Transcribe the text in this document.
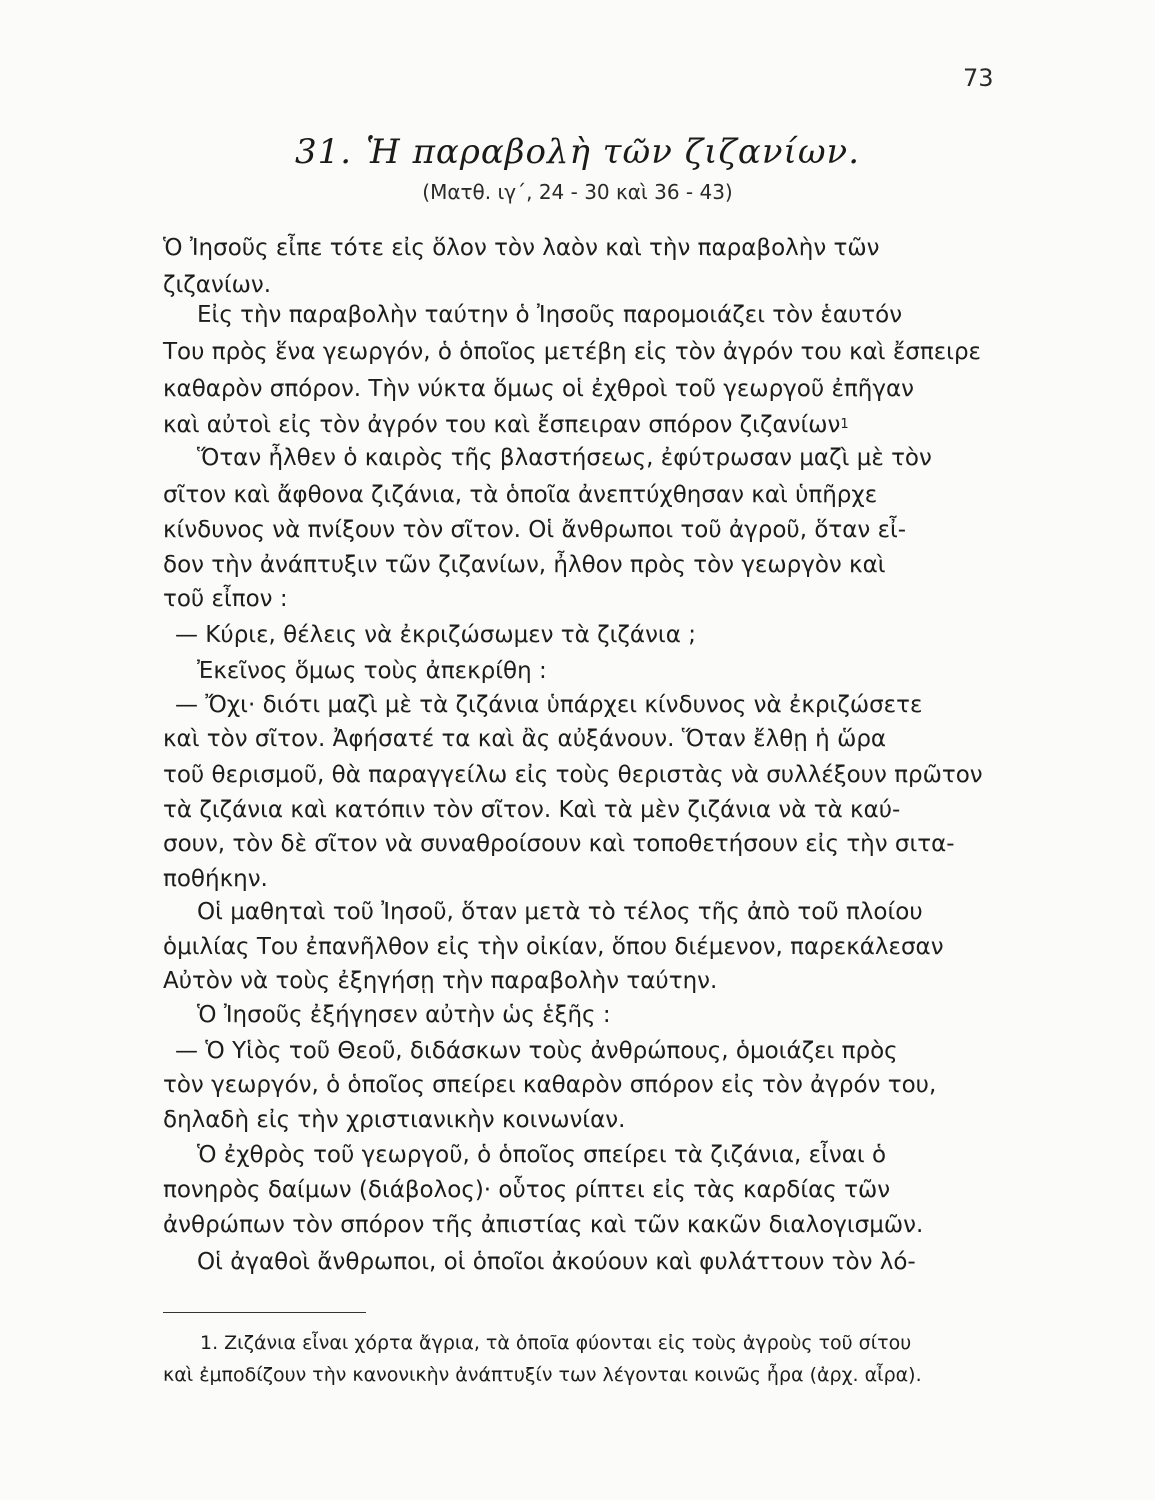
73
31. Ἡ παραβολὴ τῶν ζιζανίων.
(Ματθ. ιγ΄, 24 - 30 καὶ 36 - 43)
Ὁ Ἰησοῦς εἶπε τότε εἰς ὅλον τὸν λαὸν καὶ τὴν παραβολὴν τῶν
ζιζανίων.
Εἰς τὴν παραβολὴν ταύτην ὁ Ἰησοῦς παρομοιάζει τὸν ἑαυτόν
Του πρὸς ἕνα γεωργόν, ὁ ὁποῖος μετέβη εἰς τὸν ἀγρόν του καὶ ἔσπειρε
καθαρὸν σπόρον. Τὴν νύκτα ὅμως οἱ ἐχθροὶ τοῦ γεωργοῦ ἐπῆγαν
καὶ αὐτοὶ εἰς τὸν ἀγρόν του καὶ ἔσπειραν σπόρον ζιζανίων 1
Ὅταν ἦλθεν ὁ καιρὸς τῆς βλαστήσεως, ἐφύτρωσαν μαζὶ μὲ τὸν
σῖτον καὶ ἄφθονα ζιζάνια, τὰ ὁποῖα ἀνεπτύχθησαν καὶ ὑπῆρχε
κίνδυνος νὰ πνίξουν τὸν σῖτον. Οἱ ἄνθρωποι τοῦ ἀγροῦ, ὅταν εἶ-
δον τὴν ἀνάπτυξιν τῶν ζιζανίων, ἦλθον πρὸς τὸν γεωργὸν καὶ
τοῦ εἶπον :
— Κύριε, θέλεις νὰ ἐκριζώσωμεν τὰ ζιζάνια ;
Ἐκεῖνος ὅμως τοὺς ἀπεκρίθη :
— Ὄχι· διότι μαζὶ μὲ τὰ ζιζάνια ὑπάρχει κίνδυνος νὰ ἐκριζώσετε
καὶ τὸν σῖτον. Ἀφήσατέ τα καὶ ἂς αὐξάνουν. Ὅταν ἔλθῃ ἡ ὥρα
τοῦ θερισμοῦ, θὰ παραγγείλω εἰς τοὺς θεριστὰς νὰ συλλέξουν πρῶτον
τὰ ζιζάνια καὶ κατόπιν τὸν σῖτον. Καὶ τὰ μὲν ζιζάνια νὰ τὰ καύ-
σουν, τὸν δὲ σῖτον νὰ συναθροίσουν καὶ τοποθετήσουν εἰς τὴν σιτα-
ποθήκην.
Οἱ μαθηταὶ τοῦ Ἰησοῦ, ὅταν μετὰ τὸ τέλος τῆς ἀπὸ τοῦ πλοίου
ὁμιλίας Του ἐπανῆλθον εἰς τὴν οἰκίαν, ὅπου διέμενον, παρεκάλεσαν
Αὐτὸν νὰ τοὺς ἐξηγήσῃ τὴν παραβολὴν ταύτην.
Ὁ Ἰησοῦς ἐξήγησεν αὐτὴν ὡς ἑξῆς :
— Ὁ Υἱὸς τοῦ Θεοῦ, διδάσκων τοὺς ἀνθρώπους, ὁμοιάζει πρὸς
τὸν γεωργόν, ὁ ὁποῖος σπείρει καθαρὸν σπόρον εἰς τὸν ἀγρόν του,
δηλαδὴ εἰς τὴν χριστιανικὴν κοινωνίαν.
Ὁ ἐχθρὸς τοῦ γεωργοῦ, ὁ ὁποῖος σπείρει τὰ ζιζάνια, εἶναι ὁ
πονηρὸς δαίμων (διάβολος)· οὗτος ρίπτει εἰς τὰς καρδίας τῶν
ἀνθρώπων τὸν σπόρον τῆς ἀπιστίας καὶ τῶν κακῶν διαλογισμῶν.
Οἱ ἀγαθοὶ ἄνθρωποι, οἱ ὁποῖοι ἀκούουν καὶ φυλάττουν τὸν λό-
1. Ζιζάνια εἶναι χόρτα ἄγρια, τὰ ὁποῖα φύονται εἰς τοὺς ἀγροὺς τοῦ σίτου
καὶ ἐμποδίζουν τὴν κανονικὴν ἀνάπτυξίν των λέγονται κοινῶς ἦρα (ἀρχ. αἶρα).
